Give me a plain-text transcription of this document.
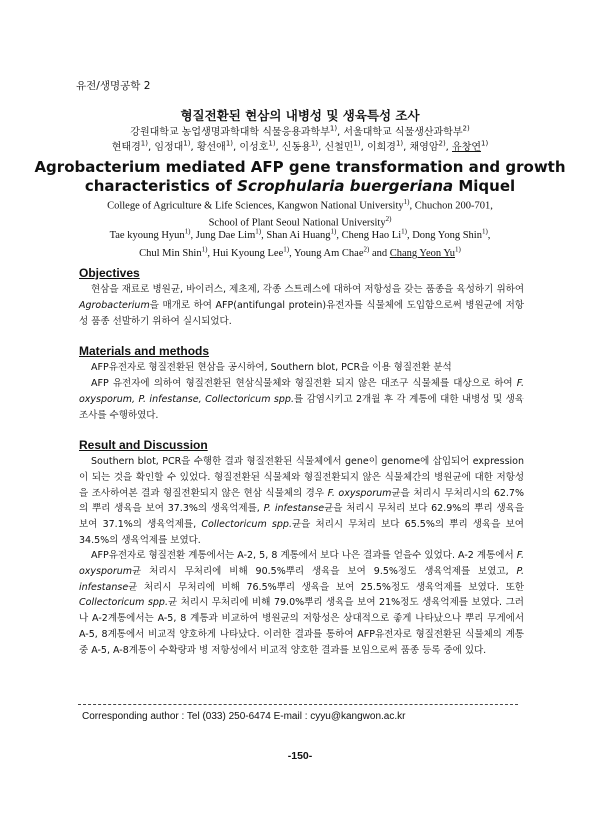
유전/생명공학 2
형질전환된 현삼의 내병성 및 생육특성 조사
강원대학교 농업생명과학대학 식물응용과학부$^{1)}$, 서울대학교 식물생산과학부$^{2)}$
현태경$^{1)}$, 임정대$^{1)}$, 황선애$^{1)}$, 이성호$^{1)}$, 신동용$^{1)}$, 신철민$^{1)}$, 이희경$^{1)}$, 채영암$^{2)}$, 유창연$^{1)}$
Agrobacterium mediated AFP gene transformation and growth
characteristics of Scrophularia buergeriana Miquel
College of Agriculture & Life Sciences, Kangwon National University$^{1)}$, Chuchon 200-701,
School of Plant Seoul National University$^{2)}$
Tae kyoung Hyun$^{1)}$, Jung Dae Lim$^{1)}$, Shan Ai Huang$^{1)}$, Cheng Hao Li$^{1)}$, Dong Yong Shin$^{1)}$,
Chul Min Shin$^{1)}$, Hui Kyoung Lee$^{1)}$, Young Am Chae$^{2)}$ and Chang Yeon Yu$^{1)}$
Objectives
현삼을 재료로 병원균, 바이러스, 제초제, 각종 스트레스에 대하여 저항성을 갖는 품종을 육성하기 위하여 Agrobacterium을 매개로 하여 AFP(antifungal protein)유전자를 식물체에 도입함으로써 병원균에 저항성 품종 선발하기 위하여 실시되었다.
Materials and methods
AFP유전자로 형질전환된 현삼을 공시하여, Southern blot, PCR을 이용 형질전환 분석
AFP 유전자에 의하여 형질전환된 현삼식물체와 형질전환 되지 않은 대조구 식물체를 대상으로 하여 F. oxysporum, P. infestanse, Collectoricum spp.를 감염시키고 2개월 후 각 계통에 대한 내병성 및 생육조사를 수행하였다.
Result and Discussion
Southern blot, PCR을 수행한 결과 형질전환된 식물체에서 gene이 genome에 삽입되어 expression이 되는 것을 확인할 수 있었다. 형질전환된 식물체와 형질전환되지 않은 식물체간의 병원균에 대한 저항성을 조사하여본 결과 형질전환되지 않은 현삼 식물체의 경우 F. oxysporum균을 처리시 무처리시의 62.7%의 뿌리 생육을 보여 37.3%의 생육억제를, P. infestanse균을 처리시 무처리 보다 62.9%의 뿌리 생육을 보여 37.1%의 생육억제를, Collectoricum spp.균을 처리시 무처리 보다 65.5%의 뿌리 생육을 보여 34.5%의 생육억제를 보였다.
AFP유전자로 형질전환 계통에서는 A-2, 5, 8 계통에서 보다 나은 결과를 얻을수 있었다. A-2 계통에서 F. oxysporum균 처리시 무처리에 비해 90.5%뿌리 생육을 보여 9.5%정도 생육억제를 보였고, P. infestanse균 처리시 무처리에 비해 76.5%뿌리 생육을 보여 25.5%정도 생육억제를 보였다. 또한 Collectoricum spp.균 처리시 무처리에 비해 79.0%뿌리 생육을 보여 21%정도 생육억제를 보였다. 그러나 A-2계통에서는 A-5, 8 계통과 비교하여 병원균의 저항성은 상대적으로 좋게 나타났으나 뿌리 무게에서 A-5, 8계통에서 비교적 양호하게 나타났다. 이러한 결과를 통하여 AFP유전자로 형질전환된 식물체의 계통 중 A-5, A-8계통이 수확량과 병 저항성에서 비교적 양호한 결과를 보임으로써 품종 등록 중에 있다.
Corresponding author : Tel (033) 250-6474 E-mail : cyyu@kangwon.ac.kr
-150-
